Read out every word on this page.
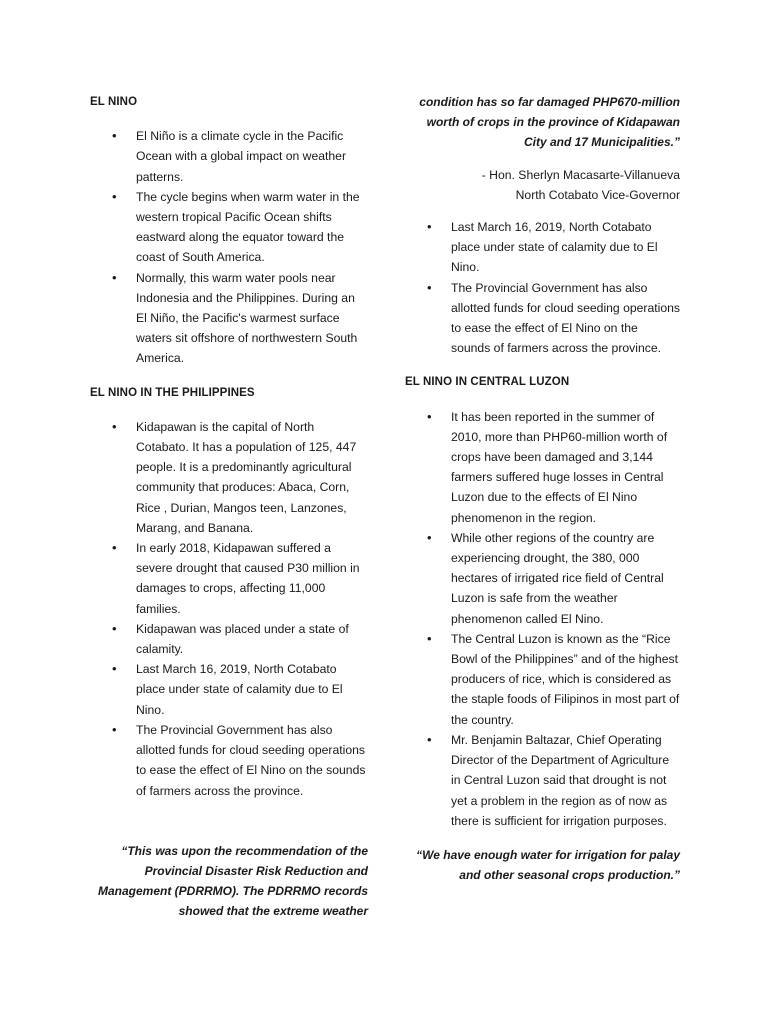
EL NINO
• El Niño is a climate cycle in the Pacific Ocean with a global impact on weather patterns.
• The cycle begins when warm water in the western tropical Pacific Ocean shifts eastward along the equator toward the coast of South America.
• Normally, this warm water pools near Indonesia and the Philippines. During an El Niño, the Pacific's warmest surface waters sit offshore of northwestern South America.
EL NINO IN THE PHILIPPINES
• Kidapawan is the capital of North Cotabato. It has a population of 125, 447 people. It is a predominantly agricultural community that produces: Abaca, Corn, Rice , Durian, Mangos teen, Lanzones, Marang, and Banana.
• In early 2018, Kidapawan suffered a severe drought that caused P30 million in damages to crops, affecting 11,000 families.
• Kidapawan was placed under a state of calamity.
• Last March 16, 2019, North Cotabato place under state of calamity due to El Nino.
• The Provincial Government has also allotted funds for cloud seeding operations to ease the effect of El Nino on the sounds of farmers across the province.
“This was upon the recommendation of the Provincial Disaster Risk Reduction and Management (PDRRMO). The PDRRMO records showed that the extreme weather
condition has so far damaged PHP670-million worth of crops in the province of Kidapawan City and 17 Municipalities.”
- Hon. Sherlyn Macasarte-Villanueva
North Cotabato Vice-Governor
• Last March 16, 2019, North Cotabato place under state of calamity due to El Nino.
• The Provincial Government has also allotted funds for cloud seeding operations to ease the effect of El Nino on the sounds of farmers across the province.
EL NINO IN CENTRAL LUZON
• It has been reported in the summer of 2010, more than PHP60-million worth of crops have been damaged and 3,144 farmers suffered huge losses in Central Luzon due to the effects of El Nino phenomenon in the region.
• While other regions of the country are experiencing drought, the 380, 000 hectares of irrigated rice field of Central Luzon is safe from the weather phenomenon called El Nino.
• The Central Luzon is known as the “Rice Bowl of the Philippines” and of the highest producers of rice, which is considered as the staple foods of Filipinos in most part of the country.
• Mr. Benjamin Baltazar, Chief Operating Director of the Department of Agriculture in Central Luzon said that drought is not yet a problem in the region as of now as there is sufficient for irrigation purposes.
“We have enough water for irrigation for palay and other seasonal crops production.”
